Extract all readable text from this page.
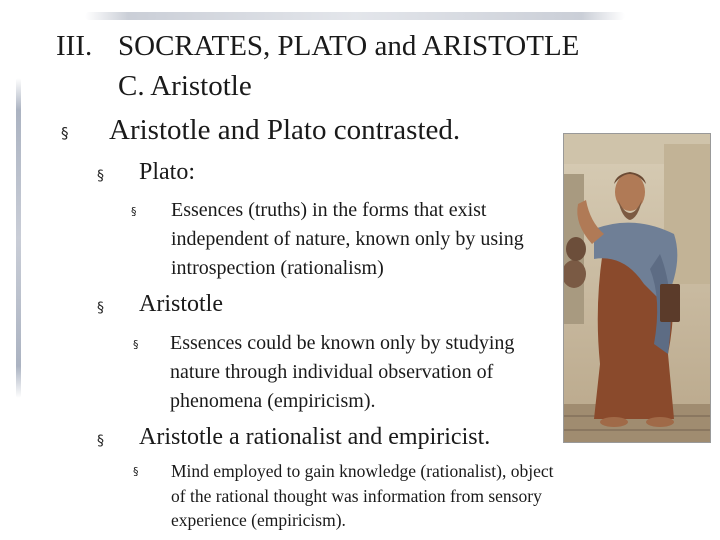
III. SOCRATES, PLATO and ARISTOTLE
C. Aristotle
§ Aristotle and Plato contrasted.
§ Plato:
§ Essences (truths) in the forms that exist independent of nature, known only by using introspection (rationalism)
§ Aristotle
§ Essences could be known only by studying nature through individual observation of phenomena (empiricism).
§ Aristotle a rationalist and empiricist.
§ Mind employed to gain knowledge (rationalist), object of the rational thought was information from sensory experience (empiricism).
